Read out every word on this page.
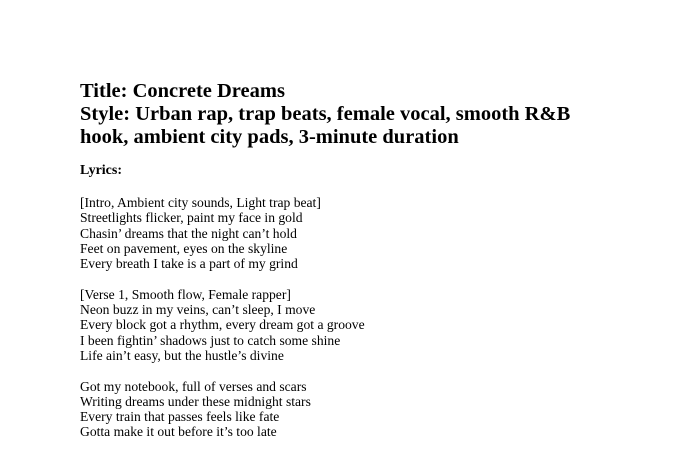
Title: Concrete Dreams
Style: Urban rap, trap beats, female vocal, smooth R&B
hook, ambient city pads, 3-minute duration
Lyrics:
[Intro, Ambient city sounds, Light trap beat]
Streetlights flicker, paint my face in gold
Chasin’ dreams that the night can’t hold
Feet on pavement, eyes on the skyline
Every breath I take is a part of my grind
[Verse 1, Smooth flow, Female rapper]
Neon buzz in my veins, can’t sleep, I move
Every block got a rhythm, every dream got a groove
I been fightin’ shadows just to catch some shine
Life ain’t easy, but the hustle’s divine
Got my notebook, full of verses and scars
Writing dreams under these midnight stars
Every train that passes feels like fate
Gotta make it out before it’s too late
